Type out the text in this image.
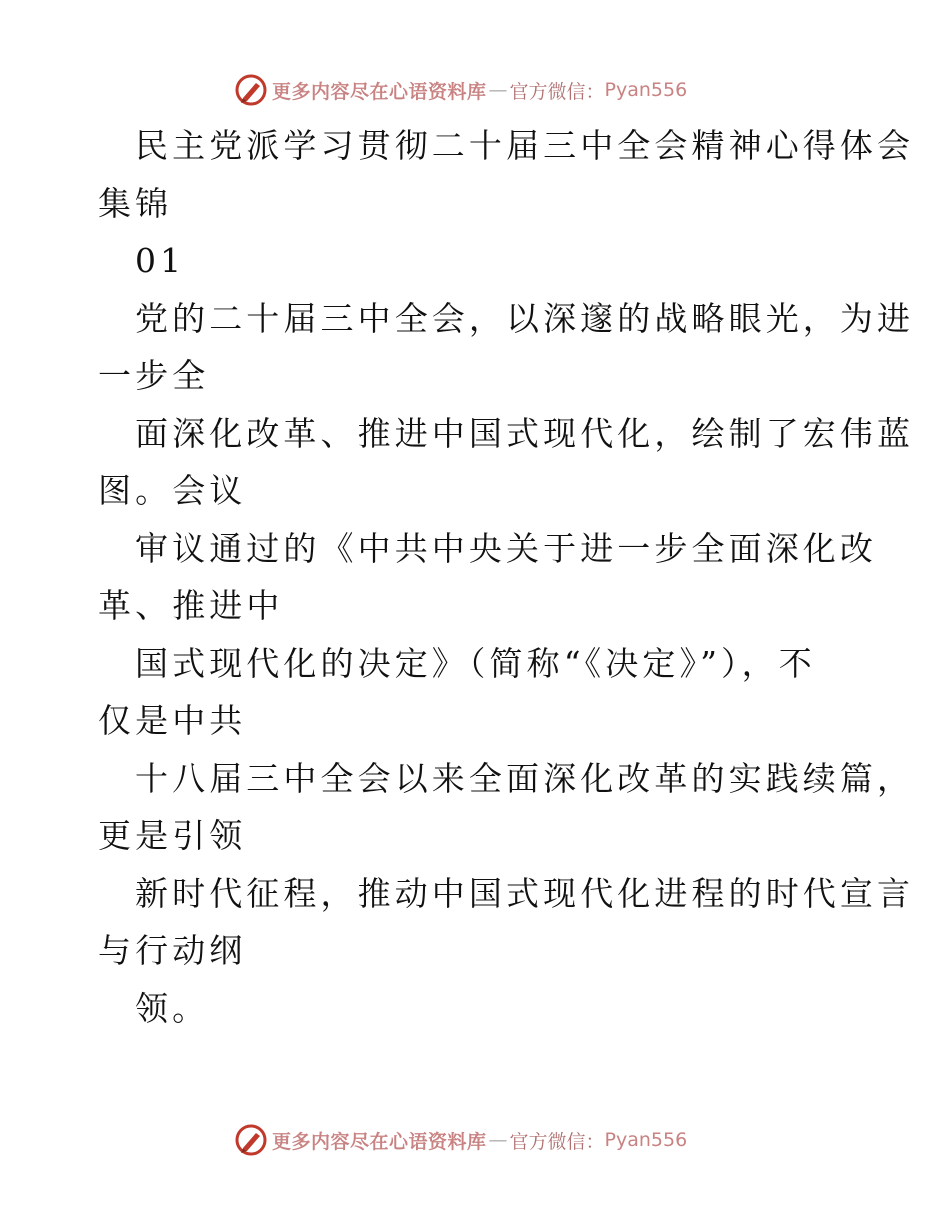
更多内容尽在心语资料库 — 官方微信： Pyan556
民主党派学习贯彻二十届三中全会精神心得体会
集锦
01
党的二十届三中全会，以深邃的战略眼光，为进
一步全
面深化改革、推进中国式现代化，绘制了宏伟蓝
图。会议
审议通过的《中共中央关于进一步全面深化改
革、推进中
国式现代化的决定》（简称“《决定》”），不
仅是中共
十八届三中全会以来全面深化改革的实践续篇，
更是引领
新时代征程，推动中国式现代化进程的时代宣言
与行动纲
领。
更多内容尽在心语资料库 — 官方微信： Pyan556
